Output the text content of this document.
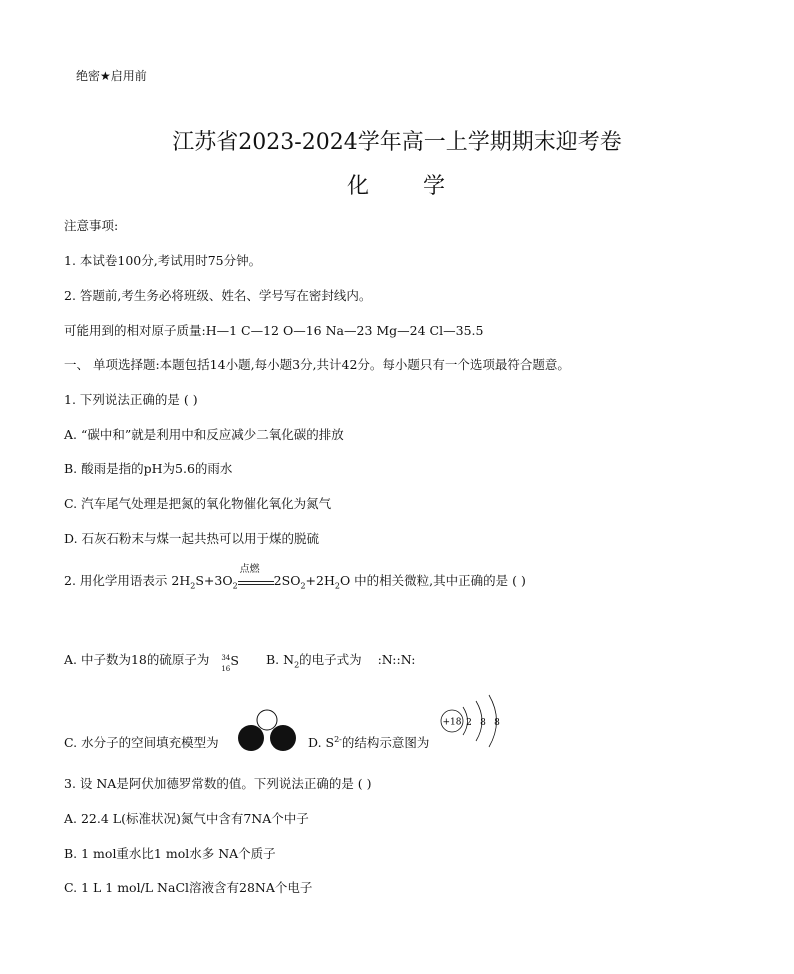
绝密★启用前
江苏省2023-2024学年高一上学期期末迎考卷
化 学
注意事项:
1. 本试卷100分,考试用时75分钟。
2. 答题前,考生务必将班级、姓名、学号写在密封线内。
可能用到的相对原子质量:H—1 C—12 O—16 Na—23 Mg—24 Cl—35.5
一、 单项选择题:本题包括14小题,每小题3分,共计42分。每小题只有一个选项最符合题意。
1. 下列说法正确的是 ( )
A. “碳中和”就是利用中和反应减少二氧化碳的排放
B. 酸雨是指的pH为5.6的雨水
C. 汽车尾气处理是把氮的氧化物催化氧化为氮气
D. 石灰石粉末与煤一起共热可以用于煤的脱硫
2. 用化学用语表示 $2H_2S+3O_2$
点燃
$2SO_2+2H_2O$ 中的相关微粒,其中正确的是 ( )
A. 中子数为18的硫原子为 34
16
S B. $N_2$的电子式为 :N::N:
C. 水分子的空间填充模型为	D. $S^{2-}$的结构示意图为
+18 2 8 8
3. 设 NA是阿伏加德罗常数的值。下列说法正确的是 ( )
A. 22.4 L(标准状况)氮气中含有7NA个中子
B. 1 mol重水比1 mol水多 NA个质子
C. 1 L 1 mol/L NaCl溶液含有28NA个电子
